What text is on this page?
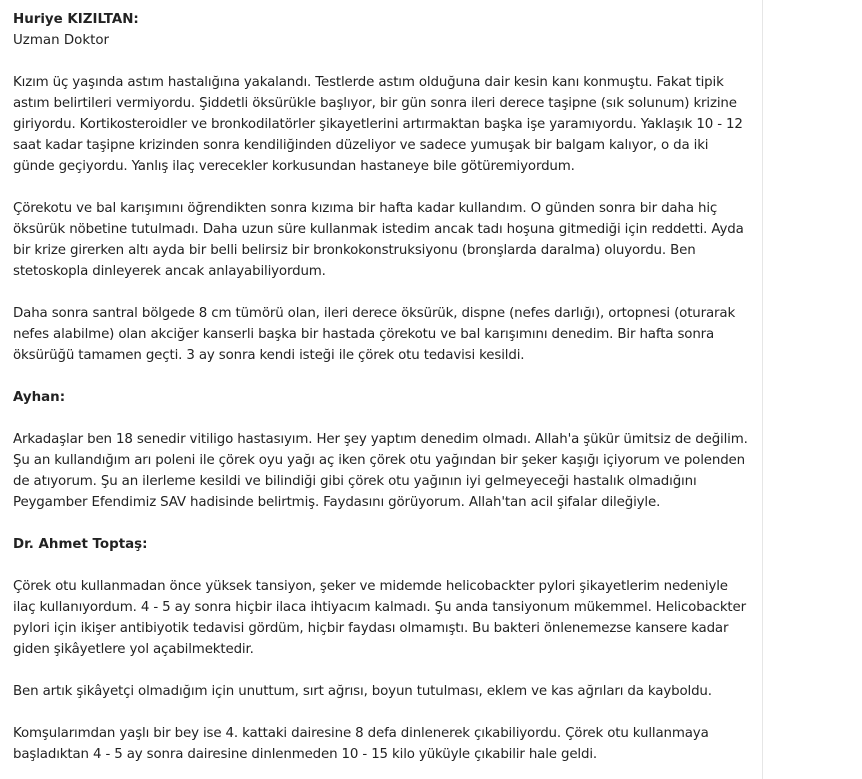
Huriye KIZILTAN:
Uzman Doktor

Kızım üç yaşında astım hastalığına yakalandı. Testlerde astım olduğuna dair kesin kanı konmuştu. Fakat tipik astım belirtileri vermiyordu. Şiddetli öksürükle başlıyor, bir gün sonra ileri derece taşipne (sık solunum) krizine giriyordu. Kortikosteroidler ve bronkodilatörler şikayetlerini artırmaktan başka işe yaramıyordu. Yaklaşık 10 - 12 saat kadar taşipne krizinden sonra kendiliğinden düzeliyor ve sadece yumuşak bir balgam kalıyor, o da iki günde geçiyordu. Yanlış ilaç verecekler korkusundan hastaneye bile götüremiyordum.

Çörekotu ve bal karışımını öğrendikten sonra kızıma bir hafta kadar kullandım. O günden sonra bir daha hiç öksürük nöbetine tutulmadı. Daha uzun süre kullanmak istedim ancak tadı hoşuna gitmediği için reddetti. Ayda bir krize girerken altı ayda bir belli belirsiz bir bronkokonstruksiyonu (bronşlarda daralma) oluyordu. Ben stetoskopla dinleyerek ancak anlayabiliyordum.

Daha sonra santral bölgede 8 cm tümörü olan, ileri derece öksürük, dispne (nefes darlığı), ortopnesi (oturarak nefes alabilme) olan akciğer kanserli başka bir hastada çörekotu ve bal karışımını denedim. Bir hafta sonra öksürüğü tamamen geçti. 3 ay sonra kendi isteği ile çörek otu tedavisi kesildi.

Ayhan:

Arkadaşlar ben 18 senedir vitiligo hastasıyım. Her şey yaptım denedim olmadı. Allah'a şükür ümitsiz de değilim. Şu an kullandığım arı poleni ile çörek oyu yağı aç iken çörek otu yağından bir şeker kaşığı içiyorum ve polenden de atıyorum. Şu an ilerleme kesildi ve bilindiği gibi çörek otu yağının iyi gelmeyeceği hastalık olmadığını Peygamber Efendimiz SAV hadisinde belirtmiş. Faydasını görüyorum. Allah'tan acil şifalar dileğiyle.

Dr. Ahmet Toptaş:

Çörek otu kullanmadan önce yüksek tansiyon, şeker ve midemde helicobackter pylori şikayetlerim nedeniyle ilaç kullanıyordum. 4 - 5 ay sonra hiçbir ilaca ihtiyacım kalmadı. Şu anda tansiyonum mükemmel. Helicobackter pylori için ikişer antibiyotik tedavisi gördüm, hiçbir faydası olmamıştı. Bu bakteri önlenemezse kansere kadar giden şikâyetlere yol açabilmektedir.

Ben artık şikâyetçi olmadığım için unuttum, sırt ağrısı, boyun tutulması, eklem ve kas ağrıları da kayboldu.

Komşularımdan yaşlı bir bey ise 4. kattaki dairesine 8 defa dinlenerek çıkabiliyordu. Çörek otu kullanmaya başladıktan 4 - 5 ay sonra dairesine dinlenmeden 10 - 15 kilo yüküyle çıkabilir hale geldi.
